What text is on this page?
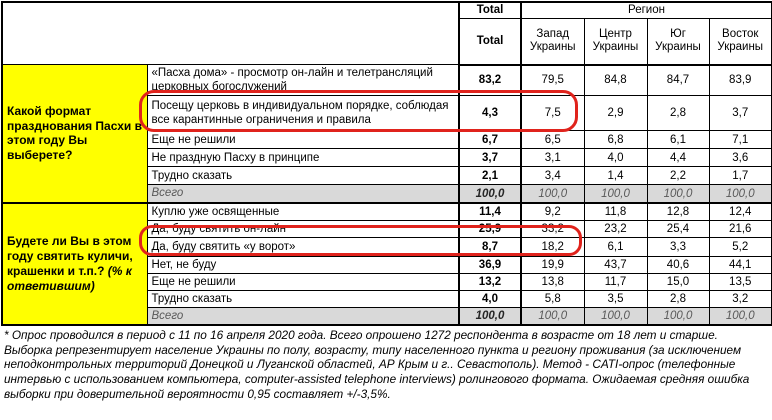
		Total	Регион			
		Total	Запад Украины	Центр Украины	Юг Украины	Восток Украины
Какой формат празднования Пасхи в этом году Вы выберете?	«Пасха дома» - просмотр он-лайн и телетрансляций церковных богослужений	83,2	79,5	84,8	84,7	83,9
	Посещу церковь в индивидуальном порядке, соблюдая все карантинные ограничения и правила	4,3	7,5	2,9	2,8	3,7
	Еще не решили	6,7	6,5	6,8	6,1	7,1
	Не праздную Пасху в принципе	3,7	3,1	4,0	4,4	3,6
	Трудно сказать	2,1	3,4	1,4	2,2	1,7
	Всего	100,0	100,0	100,0	100,0	100,0
Будете ли Вы в этом году святить куличи, крашенки и т.п.? (% к ответившим)	Куплю уже освященные	11,4	9,2	11,8	12,8	12,4
	Да, буду святить он-лайн	25,9	33,2	23,2	25,4	21,6
	Да, буду святить «у ворот»	8,7	18,2	6,1	3,3	5,2
	Нет, не буду	36,9	19,9	43,7	40,6	44,1
	Еще не решили	13,2	13,8	11,7	15,0	13,5
	Трудно сказать	4,0	5,8	3,5	2,8	3,2
	Всего	100,0	100,0	100,0	100,0	100,0
* Опрос проводился в период с 11 по 16 апреля 2020 года. Всего опрошено 1272 респондента в возрасте от 18 лет и старше. Выборка репрезентирует население Украины по полу, возрасту, типу населенного пункта и региону проживания (за исключением неподконтрольных территорий Донецкой и Луганской областей, АР Крым и г.. Севастополь). Метод - CATI-опрос (телефонные интервью с использованием компьютера, computer-assisted telephone interviews) ролингового формата. Ожидаемая средняя ошибка выборки при доверительной вероятности 0,95 составляет +/-3,5%.
